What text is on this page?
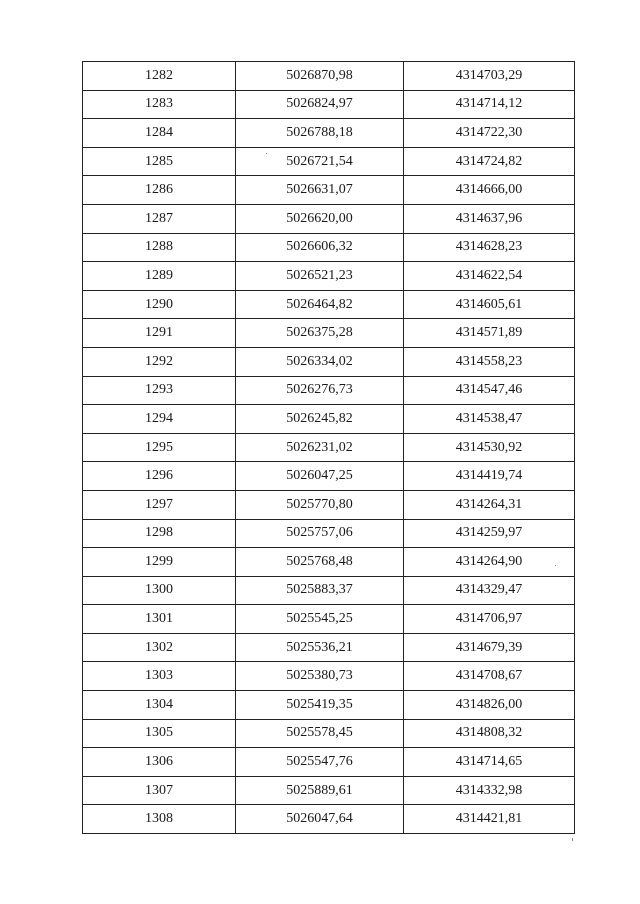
1282	5026870,98	4314703,29
1283	5026824,97	4314714,12
1284	5026788,18	4314722,30
1285	5026721,54	4314724,82
1286	5026631,07	4314666,00
1287	5026620,00	4314637,96
1288	5026606,32	4314628,23
1289	5026521,23	4314622,54
1290	5026464,82	4314605,61
1291	5026375,28	4314571,89
1292	5026334,02	4314558,23
1293	5026276,73	4314547,46
1294	5026245,82	4314538,47
1295	5026231,02	4314530,92
1296	5026047,25	4314419,74
1297	5025770,80	4314264,31
1298	5025757,06	4314259,97
1299	5025768,48	4314264,90
1300	5025883,37	4314329,47
1301	5025545,25	4314706,97
1302	5025536,21	4314679,39
1303	5025380,73	4314708,67
1304	5025419,35	4314826,00
1305	5025578,45	4314808,32
1306	5025547,76	4314714,65
1307	5025889,61	4314332,98
1308	5026047,64	4314421,81
